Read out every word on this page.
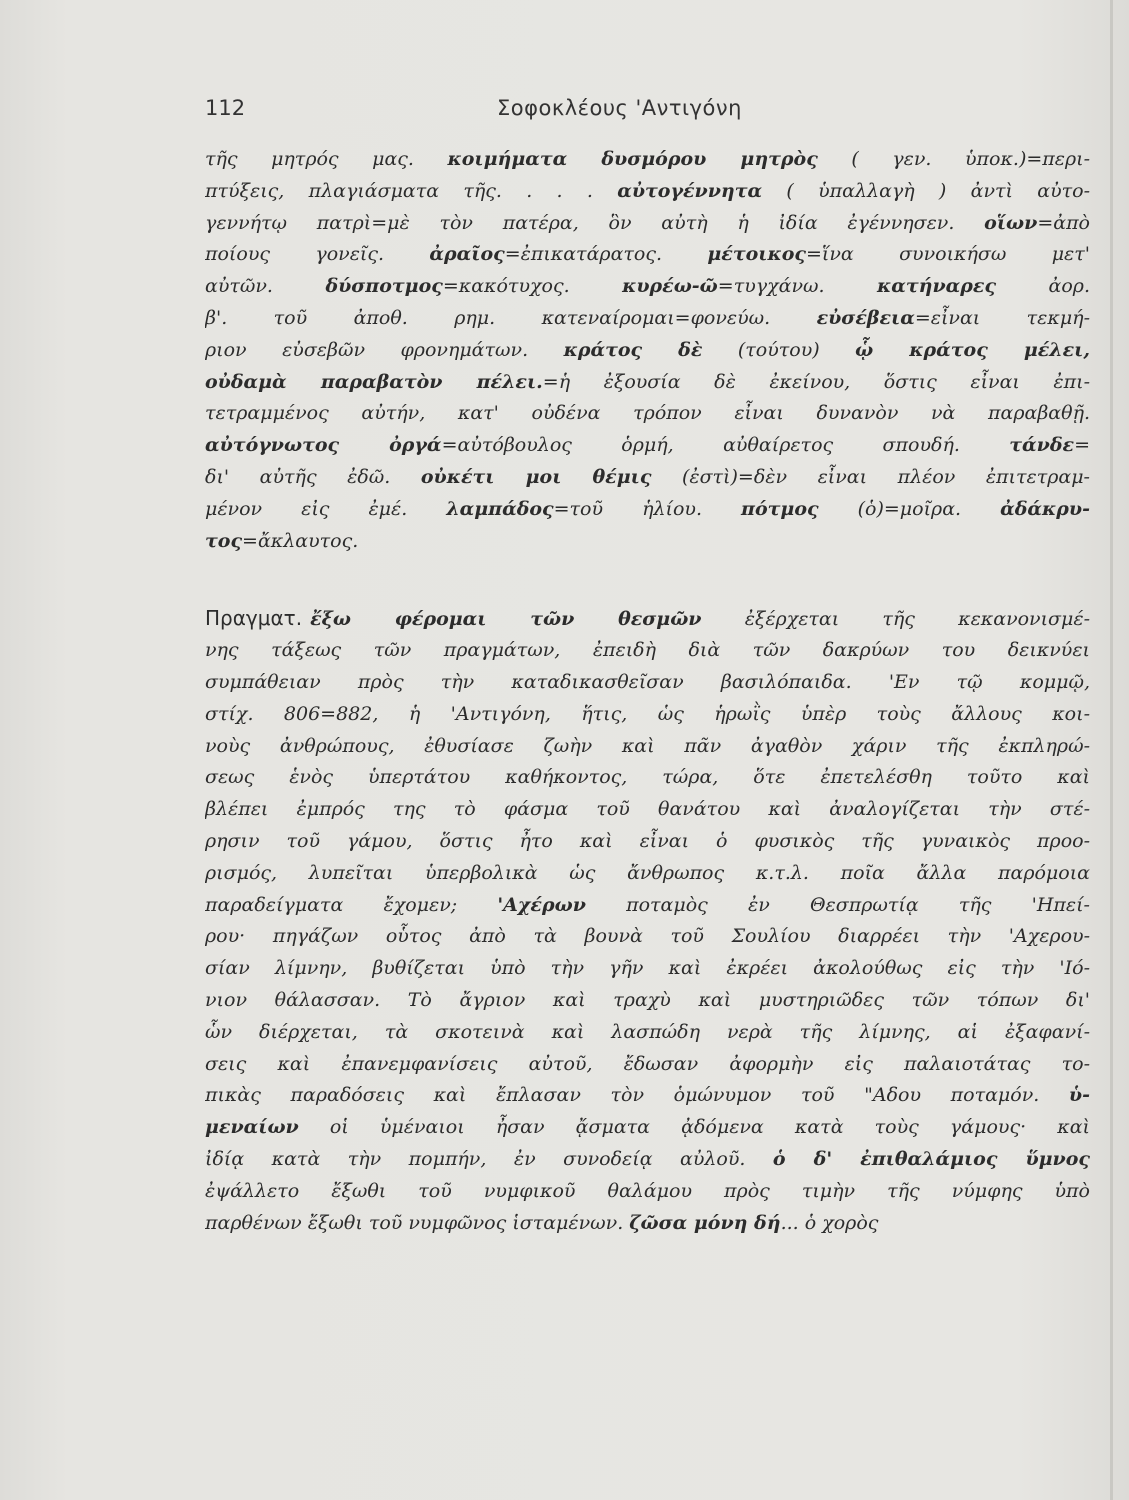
112	Σοφοκλέους 'Αντιγόνη
τῆς μητρός μας. κοιμήματα δυσμόρου μητρὸς ( γεν. ὑποκ.)=περι-
πτύξεις, πλαγιάσματα τῆς. . . . αὐτογέννητα ( ὑπαλλαγὴ ) ἀντὶ αὐτο-
γεννήτῳ πατρὶ=μὲ τὸν πατέρα, ὃν αὐτὴ ἡ ἰδία ἐγέννησεν. οἵων=ἀπὸ
ποίους γονεῖς. ἀραῖος=ἐπικατάρατος. μέτοικος=ἵνα συνοικήσω μετ'
αὐτῶν. δύσποτμος=κακότυχος. κυρέω-ῶ=τυγχάνω. κατήναρες ἀορ.
β'. τοῦ ἀποθ. ρημ. κατεναίρομαι=φονεύω. εὐσέβεια=εἶναι τεκμή-
ριον εὐσεβῶν φρονημάτων. κράτος δὲ (τούτου) ᾧ κράτος μέλει,
οὐδαμὰ παραβατὸν πέλει.=ἡ ἐξουσία δὲ ἐκείνου, ὅστις εἶναι ἐπι-
τετραμμένος αὐτήν, κατ' οὐδένα τρόπον εἶναι δυνανὸν νὰ παραβαθῇ.
αὐτόγνωτος ὀργά=αὐτόβουλος ὁρμή, αὐθαίρετος σπουδή. τάνδε=
δι' αὐτῆς ἐδῶ. οὐκέτι μοι θέμις (ἐστὶ)=δὲν εἶναι πλέον ἐπιτετραμ-
μένον εἰς ἐμέ. λαμπάδος=τοῦ ἡλίου. πότμος (ὁ)=μοῖρα. ἀδάκρυ-
τος=ἄκλαυτος.
Πραγματ. ἔξω φέρομαι τῶν θεσμῶν ἐξέρχεται τῆς κεκανονισμέ-
νης τάξεως τῶν πραγμάτων, ἐπειδὴ διὰ τῶν δακρύων του δεικνύει
συμπάθειαν πρὸς τὴν καταδικασθεῖσαν βασιλόπαιδα. 'Εν τῷ κομμῷ,
στίχ. 806=882, ἡ 'Αντιγόνη, ἥτις, ὡς ἡρωῒς ὑπὲρ τοὺς ἄλλους κοι-
νοὺς ἀνθρώπους, ἐθυσίασε ζωὴν καὶ πᾶν ἀγαθὸν χάριν τῆς ἐκπληρώ-
σεως ἑνὸς ὑπερτάτου καθήκοντος, τώρα, ὅτε ἐπετελέσθη τοῦτο καὶ
βλέπει ἐμπρός της τὸ φάσμα τοῦ θανάτου καὶ ἀναλογίζεται τὴν στέ-
ρησιν τοῦ γάμου, ὅστις ἦτο καὶ εἶναι ὁ φυσικὸς τῆς γυναικὸς προο-
ρισμός, λυπεῖται ὑπερβολικὰ ὡς ἄνθρωπος κ.τ.λ. ποῖα ἄλλα παρόμοια
παραδείγματα ἔχομεν; 'Αχέρων ποταμὸς ἐν Θεσπρωτίᾳ τῆς 'Ηπεί-
ρου· πηγάζων οὗτος ἀπὸ τὰ βουνὰ τοῦ Σουλίου διαρρέει τὴν 'Αχερου-
σίαν λίμνην, βυθίζεται ὑπὸ τὴν γῆν καὶ ἐκρέει ἀκολούθως εἰς τὴν 'Ιό-
νιον θάλασσαν. Τὸ ἄγριον καὶ τραχὺ καὶ μυστηριῶδες τῶν τόπων δι'
ὧν διέρχεται, τὰ σκοτεινὰ καὶ λασπώδη νερὰ τῆς λίμνης, αἱ ἐξαφανί-
σεις καὶ ἐπανεμφανίσεις αὐτοῦ, ἔδωσαν ἀφορμὴν εἰς παλαιοτάτας το-
πικὰς παραδόσεις καὶ ἔπλασαν τὸν ὁμώνυμον τοῦ "Αδου ποταμόν. ὑ-
μεναίων οἱ ὑμέναιοι ἦσαν ᾄσματα ᾀδόμενα κατὰ τοὺς γάμους· καὶ
ἰδίᾳ κατὰ τὴν πομπήν, ἐν συνοδείᾳ αὐλοῦ. ὁ δ' ἐπιθαλάμιος ὕμνος
ἐψάλλετο ἔξωθι τοῦ νυμφικοῦ θαλάμου πρὸς τιμὴν τῆς νύμφης ὑπὸ
παρθένων ἔξωθι τοῦ νυμφῶνος ἱσταμένων. ζῶσα μόνη δή... ὁ χορὸς
